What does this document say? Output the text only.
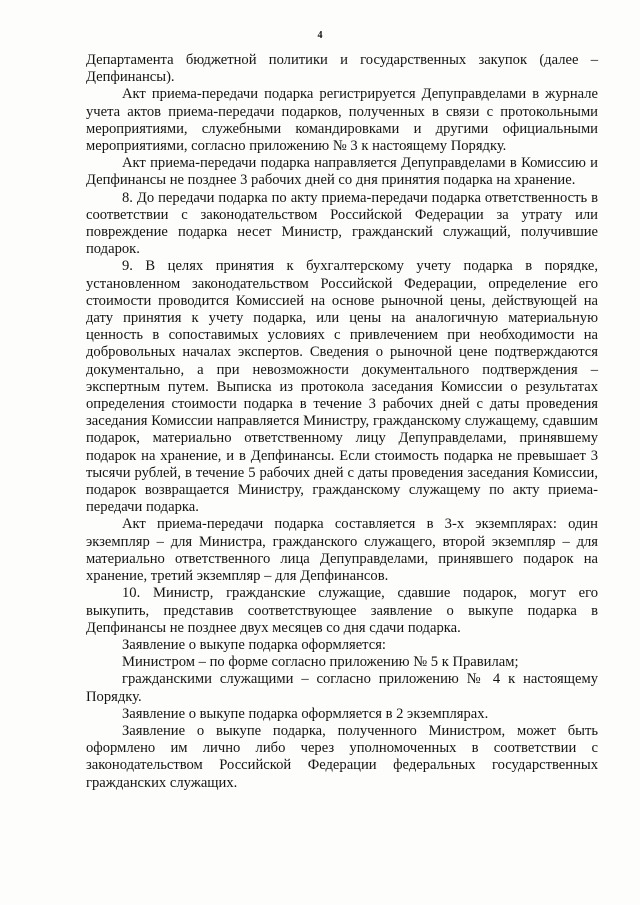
4

Департамента бюджетной политики и государственных закупок (далее – Депфинансы).

Акт приема-передачи подарка регистрируется Депуправделами в журнале учета актов приема-передачи подарков, полученных в связи с протокольными мероприятиями, служебными командировками и другими официальными мероприятиями, согласно приложению № 3 к настоящему Порядку.

Акт приема-передачи подарка направляется Депуправделами в Комиссию и Депфинансы не позднее 3 рабочих дней со дня принятия подарка на хранение.

8. До передачи подарка по акту приема-передачи подарка ответственность в соответствии с законодательством Российской Федерации за утрату или повреждение подарка несет Министр, гражданский служащий, получившие подарок.

9. В целях принятия к бухгалтерскому учету подарка в порядке, установленном законодательством Российской Федерации, определение его стоимости проводится Комиссией на основе рыночной цены, действующей на дату принятия к учету подарка, или цены на аналогичную материальную ценность в сопоставимых условиях с привлечением при необходимости на добровольных началах экспертов. Сведения о рыночной цене подтверждаются документально, а при невозможности документального подтверждения – экспертным путем. Выписка из протокола заседания Комиссии о результатах определения стоимости подарка в течение 3 рабочих дней с даты проведения заседания Комиссии направляется Министру, гражданскому служащему, сдавшим подарок, материально ответственному лицу Депуправделами, принявшему подарок на хранение, и в Депфинансы. Если стоимость подарка не превышает 3 тысячи рублей, в течение 5 рабочих дней с даты проведения заседания Комиссии, подарок возвращается Министру, гражданскому служащему по акту приема-передачи подарка.

Акт приема-передачи подарка составляется в 3-х экземплярах: один экземпляр – для Министра, гражданского служащего, второй экземпляр – для материально ответственного лица Депуправделами, принявшего подарок на хранение, третий экземпляр – для Депфинансов.

10. Министр, гражданские служащие, сдавшие подарок, могут его выкупить, представив соответствующее заявление о выкупе подарка в Депфинансы не позднее двух месяцев со дня сдачи подарка.

Заявление о выкупе подарка оформляется:

Министром – по форме согласно приложению № 5 к Правилам;

гражданскими служащими – согласно приложению № 4 к настоящему Порядку.

Заявление о выкупе подарка оформляется в 2 экземплярах.

Заявление о выкупе подарка, полученного Министром, может быть оформлено им лично либо через уполномоченных в соответствии с законодательством Российской Федерации федеральных государственных гражданских служащих.
